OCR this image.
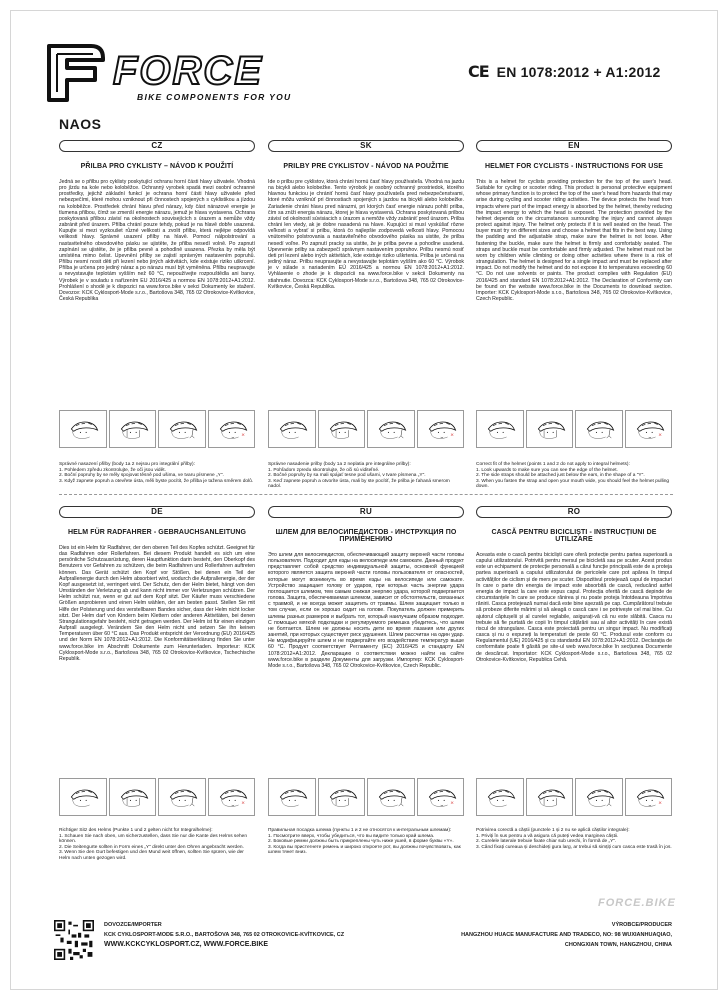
FORCE
BIKE COMPONENTS FOR YOU
CE EN 1078:2012 + A1:2012
NAOS
CZ
PŘILBA PRO CYKLISTY – NÁVOD K POUŽITÍ
Jedná se o přilbu pro cyklisty poskytující ochranu horní části hlavy uživatele. Vhodná pro jízdu na kole nebo koloběžce. Ochranný vyrobek spadá mezi osobní ochranné prostředky, jejichž základní funkcí je ochrana horní části hlavy uživatele před nebezpečími, které mohou vzniknout při činnostech spojených s cyklistikou a jízdou na koloběžce. Prostředek chrání hlavu před nárazy, kdy část nárazové energie je tlumena přilbou, čímž se zmenší energie nárazu, jemuž je hlava vystavena. Ochrana poskytovaná přilbou závisí na okolnostech souvisejících s úrazem a nemůže vždy zabránit před úrazem. Přilba chrání pouze tehdy, pokud je na hlavě dobře usazená. Kupujte si mezi vyzkoušet různé velikosti a zvolit přilbu, která nejlépe odpovídá velikosti hlavy. Správné usazení přilby na hlavě. Pomocí nálpolstrování a nastavitelného obvodového pásku se ujistěte, že přilba nesedí volně. Po zapnutí zapínání se ujistěte, že je přilba pevně a pohodlně usazena. Přezka by měla být umístěna mimo čelist. Upevnění přilby se zajistí správným nastavením popruhů. Přilbu nesmí nosit děti při lezení nebo jiných aktivitách, kde existuje riziko uškrcení. Přilba je určena pro jediný náraz a po nárazu musí být vyměněna. Přilbu neupravujte a nevystavujte teplotám vyšším než 60 °C, nepoužívejte rozpouštědla ani barvy. Výrobek je v souladu s nařízením EU 2016/425 a normou EN 1078:2012+A1:2012. Prohlášení o shodě je k dispozici na www.force.bike v sekci Dokumenty ke stažení. Dovozce: KCK Cyklosport-Mode s.r.o., Bartošova 348, 765 02 Otrokovice-Kvítkovice, Česká Republika
SK
PRILBY PRE CYKLISTOV - NÁVOD NA POUŽITIE
Ide o prilbu pre cyklistov, ktorá chráni hornú časť hlavy používateľa. Vhodná na jazdu na bicykli alebo kolobežke. Tento výrobok je osobný ochranný prostriedok, ktorého hlavnou funkciou je chrániť hornú časť hlavy používateľa pred nebezpečenstvami, ktoré môžu vzniknúť pri činnostiach spojených s jazdou na bicykli alebo kolobežke. Zariadenie chráni hlavu pred nárazmi, pri ktorých časť energie nárazu pohltí prilba, čím sa zníži energia nárazu, ktorej je hlava vystavená. Ochrana poskytovaná prilbou závisí od okolností súvisiacich s úrazom a nemôže vždy zabrániť pred úrazom. Prilba chráni len vtedy, ak je dobre nasadená na hlave. Kupujúci si musí vyskúšať rôzne veľkosti a vybrať si prilbu, ktorá čo najlepšie zodpovedá veľkosti hlavy. Pomocou vnútorného polstrovania a nastaviteľného obvodového pásika sa uistite, že prilba nesedí voľne. Po zapnutí pracky sa uistite, že je prilba pevne a pohodlne usadená. Upevnenie prilby sa zabezpečí správnym nastavením popruhov. Prilbu nesmú nosiť deti pri lezení alebo iných aktivitách, kde existuje riziko uškrtenia. Prilba je určená na jediný náraz. Prilbu neupravujte a nevystavujte teplotám vyšším ako 60 °C. Výrobok je v súlade s nariadením EÚ 2016/425 a normou EN 1078:2012+A1:2012. Vyhlásenie o zhode je k dispozícii na www.force.bike v sekcii Dokumenty na stiahnutie. Dovozca: KCK Cyklosport-Mode s.r.o., Bartošova 348, 765 02 Otrokovice-Kvítkovice, Česká Republika.
EN
HELMET FOR CYCLISTS - INSTRUCTIONS FOR USE
This is a helmet for cyclists providing protection for the top of the user's head. Suitable for cycling or scooter riding. This product is personal protective equipment whose primary function is to protect the top of the user's head from hazards that may arise during cycling and scooter riding activities. The device protects the head from impacts where part of the impact energy is absorbed by the helmet, thereby reducing the impact energy to which the head is exposed. The protection provided by the helmet depends on the circumstances surrounding the injury and cannot always protect against injury. The helmet only protects if it is well seated on the head. The buyer must try on different sizes and choose a helmet that fits in the best way. Using the padding and the adjustable strap, make sure the helmet is not loose. After fastening the buckle, make sure the helmet is firmly and comfortably seated. The straps and buckle must be comfortable and firmly adjusted. The helmet must not be worn by children while climbing or doing other activities where there is a risk of strangulation. The helmet is designed for a single impact and must be replaced after impact. Do not modify the helmet and do not expose it to temperatures exceeding 60 °C. Do not use solvents or paints. The product complies with Regulation (EU) 2016/425 and standard EN 1078:2012+A1:2012. The Declaration of Conformity can be found on the website www.force.bike in the Documents to download section. Importer: KCK Cyklosport-Mode s.r.o., Bartošova 348, 765 02 Otrokovice-Kvítkovice, Czech Republic.
Správné nasazení přilby (body 1a 2 nejsou pro integrální přilby):
1. Pohledem zpředu zkontrolujte, že oči jsou vidět.
2. Boční popruhy by se měly spojovat těsně pod ušima, ve tvaru písmene „Y".
3. Když zapnete popruh a otevřete ústa, měli byste pocítit, že přilba je tažena směrem dolů.
Správne nasadenie prilby (body 1a 2 neplatia pre integrálne prilby):
1. Pohľadom zpredu skontrolujte, že oči sú viditeľné.
2. Bočné popruhy by sa mali spájať tesne pod ušami, v tvare písmena „Y".
3. Keď zapnete popruh a otvoríte ústa, mali by ste pocítiť, že prilba je ťahaná smerom nadol.
Correct fit of the helmet (points 1 and 2 do not apply to integral helmets):
1. Look upwards to make sure you can see the edge of the helmet.
2. The side straps should be attached just below the ears, in the shape of a "Y".
3. When you fasten the strap and open your mouth wide, you should feel the helmet pulling down.
DE
HELM FÜR RADFAHRER - GEBRAUCHSANLEITUNG
Dies ist ein Helm für Radfahrer, der den oberen Teil des Kopfes schützt. Geeignet für das Radfahren oder Rollerfahren. Bei diesem Produkt handelt es sich um eine persönliche Schutzausrüstung, deren Hauptfunktion darin besteht, den Oberkopf des Benutzers vor Gefahren zu schützen, die beim Radfahren und Rollerfahren auftreten können. Das Gerät schützt den Kopf vor Stößen, bei denen ein Teil der Aufprallenergie durch den Helm absorbiert wird, wodurch die Aufprallenergie, der der Kopf ausgesetzt ist, verringert wird. Der Schutz, den der Helm bietet, hängt von den Umständen der Verletzung ab und kann nicht immer vor Verletzungen schützen. Der Helm schützt nur, wenn er gut auf dem Kopf sitzt. Der Käufer muss verschiedene Größen anprobieren und einen Helm wählen, der am besten passt. Stellen Sie mit Hilfe der Polsterung und des verstellbaren Bandes sicher, dass der Helm nicht locker sitzt. Der Helm darf von Kindern beim Klettern oder anderen Aktivitäten, bei denen Strangulationsgefahr besteht, nicht getragen werden. Der Helm ist für einen einzigen Aufprall ausgelegt. Verändern Sie den Helm nicht und setzen Sie ihn keinen Temperaturen über 60 °C aus. Das Produkt entspricht der Verordnung (EU) 2016/425 und der Norm EN 1078:2012+A1:2012. Die Konformitätserklärung finden Sie unter www.force.bike im Abschnitt Dokumente zum Herunterladen. Importeur: KCK Cyklosport-Mode s.r.o., Bartošova 348, 765 02 Otrokovice-Kvítkovice, Tschechische Republik.
RU
ШЛЕМ ДЛЯ ВЕЛОСИПЕДИСТОВ - ИНСТРУКЦИЯ ПО ПРИМЕНЕНИЮ
Это шлем для велосипедистов, обеспечивающий защиту верхней части головы пользователя. Подходит для езды на велосипеде или самокате. Данный продукт представляет собой средство индивидуальной защиты, основной функцией которого является защита верхней части головы пользователя от опасностей, которые могут возникнуть во время езды на велосипеде или самокате. Устройство защищает голову от ударов, при которых часть энергии удара поглощается шлемом, тем самым снижая энергию удара, которой подвергается голова. Защита, обеспечиваемая шлемом, зависит от обстоятельств, связанных с травмой, и не всегда может защитить от травмы. Шлем защищает только в том случае, если он хорошо сидит на голове. Покупатель должен примерить шлемы разных размеров и выбрать тот, который наилучшим образом подходит. С помощью мягкой подкладки и регулируемого ремешка убедитесь, что шлем не болтается. Шлем не должны носить дети во время лазания или других занятий, при которых существует риск удушения. Шлем рассчитан на один удар. Не модифицируйте шлем и не подвергайте его воздействию температур выше 60 °C. Продукт соответствует Регламенту (ЕС) 2016/425 и стандарту EN 1078:2012+A1:2012. Декларацию о соответствии можно найти на сайте www.force.bike в разделе Документы для загрузки. Импортер: KCK Cyklosport-Mode s.r.o., Bartošova 348, 765 02 Otrokovice-Kvítkovice, Czech Republic.
RO
CASCĂ PENTRU BICICLIȘTI - INSTRUCȚIUNI DE UTILIZARE
Aceasta este o cască pentru bicicliști care oferă protecție pentru partea superioară a capului utilizatorului. Potrivită pentru mersul pe bicicletă sau pe scuter. Acest produs este un echipament de protecție personală a cărui funcție principală este de a proteja partea superioară a capului utilizatorului de pericolele care pot apărea în timpul activităților de ciclism și de mers pe scuter. Dispozitivul protejează capul de impacturi în care o parte din energia de impact este absorbită de cască, reducând astfel energia de impact la care este expus capul. Protecția oferită de cască depinde de circumstanțele în care se produce rănirea și nu poate proteja întotdeauna împotriva rănirii. Casca protejează numai dacă este bine așezată pe cap. Cumpărătorul trebuie să probeze diferite mărimi și să aleagă o cască care i se potrivește cel mai bine. Cu ajutorul căptușelii și al curelei reglabile, asigurați-vă că nu este slăbită. Casca nu trebuie să fie purtată de copii în timpul cățărării sau al altor activități în care există riscul de strangulare. Casca este proiectată pentru un singur impact. Nu modificați casca și nu o expuneți la temperaturi de peste 60 °C. Produsul este conform cu Regulamentul (UE) 2016/425 și cu standardul EN 1078:2012+A1:2012. Declarația de conformitate poate fi găsită pe site-ul web www.force.bike în secțiunea Documente de descărcat. Importator: KCK Cyklosport-Mode s.r.o., Bartošova 348, 765 02 Otrokovice-Kvítkovice, Republica Cehă.
Richtiger Sitz des Helms (Punkte 1 und 2 gelten nicht für Integralhelme):
1. Schauen Sie nach oben, um sicherzustellen, dass Sie nur die Kante des Helms sehen können.
2. Die Seitengurte sollten in Form eines „Y" direkt unter den Ohren angebracht werden.
3. Wenn Sie den Gurt befestigen und den Mund weit öffnen, sollten Sie spüren, wie der Helm nach unten gezogen wird.
Правильная посадка шлема (пункты 1 и 2 не относятся к интегральным шлемам):
1. Посмотрите вверх, чтобы убедиться, что вы видите только край шлема.
2. Боковые ремни должны быть прикреплены чуть ниже ушей, в форме буквы «Y».
3. Когда вы пристегнете ремень и широко откроете рот, вы должны почувствовать, как шлем тянет вниз.
Potrivirea corectă a căștii (punctele 1 și 2 nu se aplică căștilor integrale):
1. Priviți în sus pentru a vă asigura că puteți vedea marginea căștii.
2. Curelele laterale trebuie fixate chiar sub urechi, în formă de „Y".
3. Când fixați cureaua și deschideți gura larg, ar trebui să simțiți cum casca este trasă în jos.
FORCE.BIKE
DOVOZCE/IMPORTER
KCK CYKLOSPORT-MODE S.R.O., BARTOŠOVA 348, 765 02 OTROKOVICE-KVÍTKOVICE, CZ
WWW.KCKCYKLOSPORT.CZ, WWW.FORCE.BIKE
VÝROBCE/PRODUCER
HANGZHOU HUACE MANUFACTURE AND TRADECO, NO: 98 WUXIANHUAQIAO,
CHONGXIAN TOWN, HANGZHOU, CHINA
